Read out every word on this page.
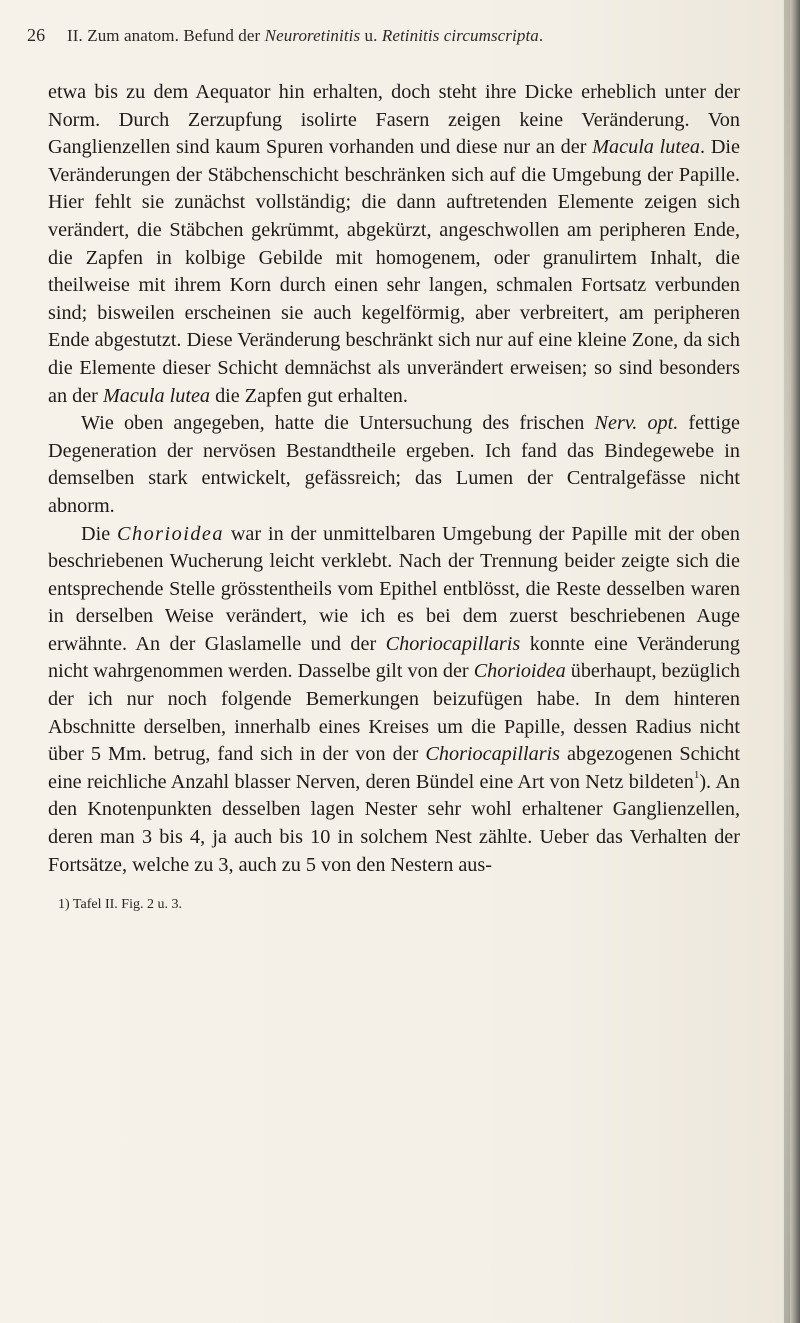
26 II. Zum anatom. Befund der Neuroretinitis u. Retinitis circumscripta.

etwa bis zu dem Aequator hin erhalten, doch steht ihre Dicke erheblich unter der Norm. Durch Zerzupfung isolirte Fasern zeigen keine Veränderung. Von Ganglienzellen sind kaum Spuren vorhanden und diese nur an der Macula lutea. Die Veränderungen der Stäbchenschicht beschränken sich auf die Umgebung der Papille. Hier fehlt sie zunächst vollständig; die dann auftretenden Elemente zeigen sich verändert, die Stäbchen gekrümmt, abgekürzt, angeschwollen am peripheren Ende, die Zapfen in kolbige Gebilde mit homogenem, oder granulirtem Inhalt, die theilweise mit ihrem Korn durch einen sehr langen, schmalen Fortsatz verbunden sind; bisweilen erscheinen sie auch kegelförmig, aber verbreitert, am peripheren Ende abgestutzt. Diese Veränderung beschränkt sich nur auf eine kleine Zone, da sich die Elemente dieser Schicht demnächst als unverändert erweisen; so sind besonders an der Macula lutea die Zapfen gut erhalten.

Wie oben angegeben, hatte die Untersuchung des frischen Nerv. opt. fettige Degeneration der nervösen Bestandtheile ergeben. Ich fand das Bindegewebe in demselben stark entwickelt, gefässreich; das Lumen der Centralgefässe nicht abnorm.

Die Chorioidea war in der unmittelbaren Umgebung der Papille mit der oben beschriebenen Wucherung leicht verklebt. Nach der Trennung beider zeigte sich die entsprechende Stelle grösstentheils vom Epithel entblösst, die Reste desselben waren in derselben Weise verändert, wie ich es bei dem zuerst beschriebenen Auge erwähnte. An der Glaslamelle und der Choriocapillaris konnte eine Veränderung nicht wahrgenommen werden. Dasselbe gilt von der Chorioidea überhaupt, bezüglich der ich nur noch folgende Bemerkungen beizufügen habe. In dem hinteren Abschnitte derselben, innerhalb eines Kreises um die Papille, dessen Radius nicht über 5 Mm. betrug, fand sich in der von der Choriocapillaris abgezogenen Schicht eine reichliche Anzahl blasser Nerven, deren Bündel eine Art von Netz bildeten$^1$). An den Knotenpunkten desselben lagen Nester sehr wohl erhaltener Ganglienzellen, deren man 3 bis 4, ja auch bis 10 in solchem Nest zählte. Ueber das Verhalten der Fortsätze, welche zu 3, auch zu 5 von den Nestern aus-

1) Tafel II. Fig. 2 u. 3.
